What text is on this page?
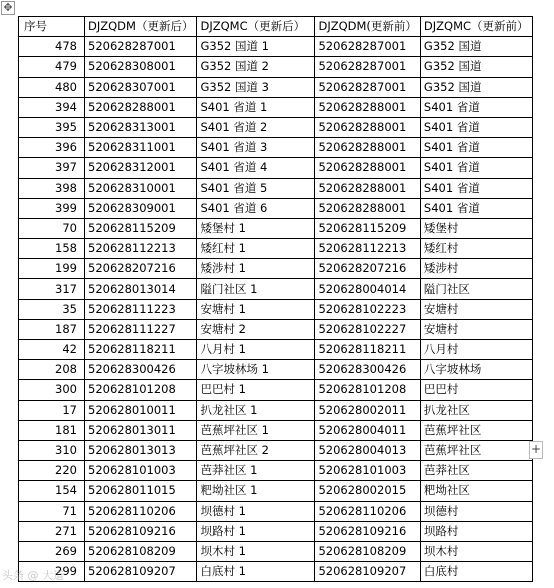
✥
序号	DJZQDM（更新后）	DJZQMC（更新后）	DJZQDM(更新前）	DJZQMC（更新前）
478	520628287001	G352 国道 1	520628287001	G352 国道
479	520628308001	G352 国道 2	520628287001	G352 国道
480	520628307001	G352 国道 3	520628287001	G352 国道
394	520628288001	S401 省道 1	520628288001	S401 省道
395	520628313001	S401 省道 2	520628288001	S401 省道
396	520628311001	S401 省道 3	520628288001	S401 省道
397	520628312001	S401 省道 4	520628288001	S401 省道
398	520628310001	S401 省道 5	520628288001	S401 省道
399	520628309001	S401 省道 6	520628288001	S401 省道
70	520628115209	矮堡村 1	520628115209	矮堡村
158	520628112213	矮红村 1	520628112213	矮红村
199	520628207216	矮涉村 1	520628207216	矮涉村
317	520628013014	隘门社区 1	520628004014	隘门社区
35	520628111223	安塘村 1	520628102223	安塘村
187	520628111227	安塘村 2	520628102227	安塘村
42	520628118211	八月村 1	520628118211	八月村
208	520628300426	八字坡林场 1	520628300426	八字坡林场
300	520628101208	巴巴村 1	520628101208	巴巴村
17	520628010011	扒龙社区 1	520628002011	扒龙社区
181	520628013011	芭蕉坪社区 1	520628004011	芭蕉坪社区
310	520628013013	芭蕉坪社区 2	520628004013	芭蕉坪社区
220	520628101003	芭莽社区 1	520628101003	芭莽社区
154	520628011015	粑坳社区 1	520628002015	粑坳社区
71	520628110206	坝德村 1	520628110206	坝德村
271	520628109216	坝路村 1	520628109216	坝路村
269	520628108209	坝木村 1	520628108209	坝木村
299	520628109207	白底村 1	520628109207	白底村
+
头条 @ 大道
